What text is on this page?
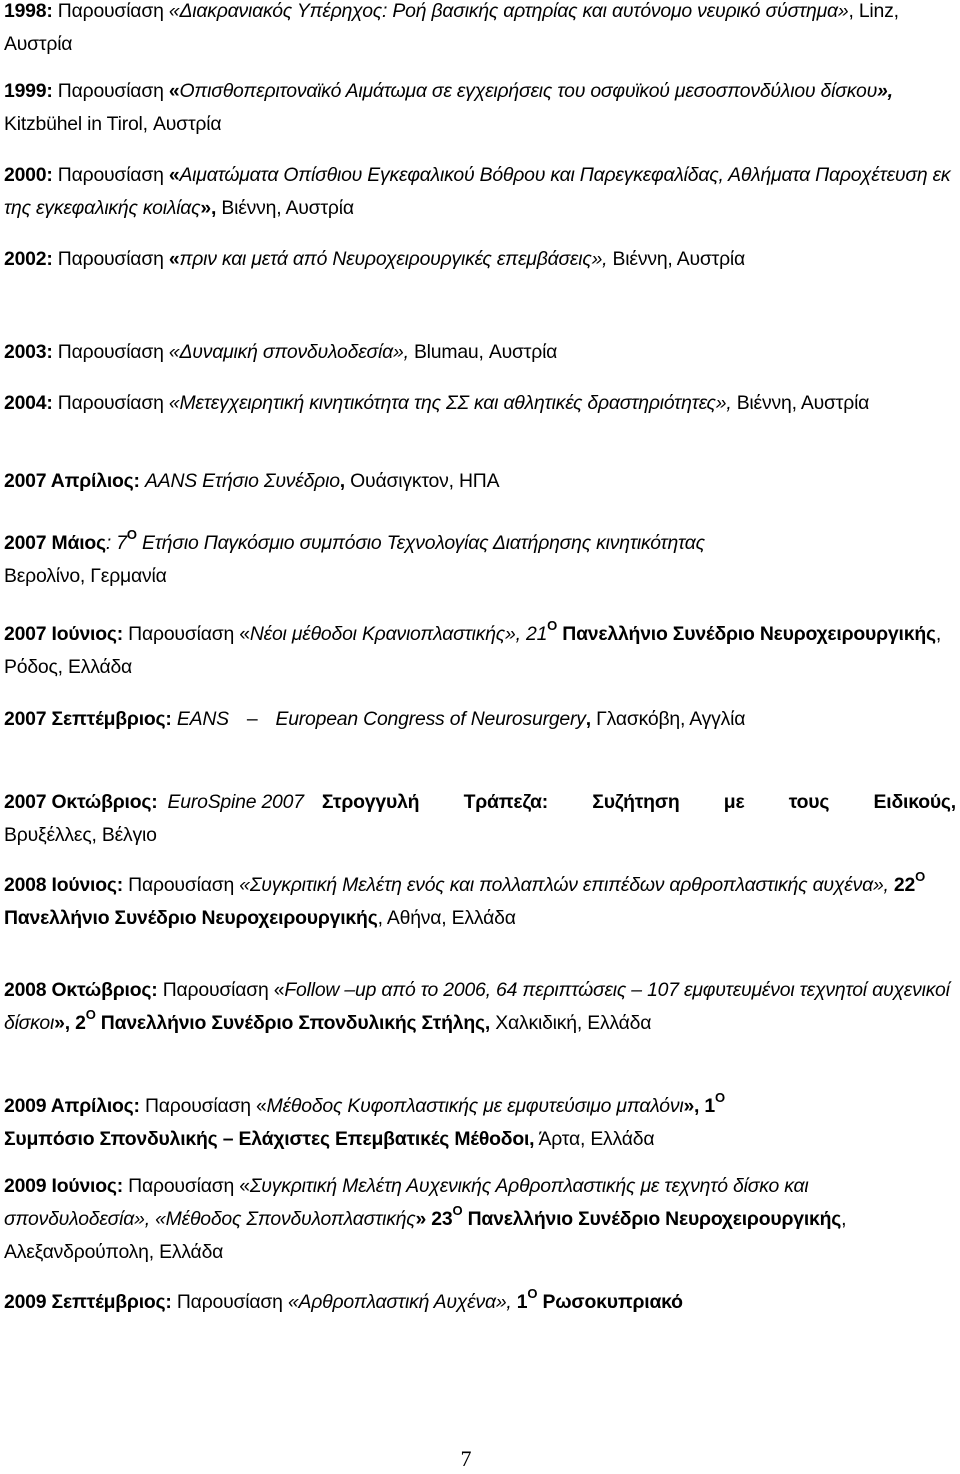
1998: Παρουσίαση «Διακρανιακός Υπέρηχος: Ροή βασικής αρτηρίας και αυτόνομο νευρικό σύστημα», Linz, Αυστρία
1999: Παρουσίαση «Οπισθοπεριτοναϊκό Αιμάτωμα σε εγχειρήσεις του οσφυϊκού μεσοσπονδύλιου δίσκου», Kitzbühel in Tirol, Αυστρία
2000: Παρουσίαση «Αιματώματα Οπίσθιου Εγκεφαλικού Βόθρου και Παρεγκεφαλίδας, Αθλήματα Παροχέτευση εκ της εγκεφαλικής κοιλίας», Βιέννη, Αυστρία
2002: Παρουσίαση «πριν και μετά από Νευροχειρουργικές επεμβάσεις», Βιέννη, Αυστρία
2003: Παρουσίαση «Δυναμική σπονδυλοδεσία», Blumau, Αυστρία
2004: Παρουσίαση «Μετεγχειρητική κινητικότητα της ΣΣ και αθλητικές δραστηριότητες», Βιέννη, Αυστρία
2007 Απρίλιος: AANS Ετήσιο Συνέδριο, Ουάσιγκτον, ΗΠΑ
2007 Μάιος: $7^O$ Ετήσιο Παγκόσμιο συμπόσιο Τεχνολογίας Διατήρησης κινητικότητας
Βερολίνο, Γερμανία
2007 Ιούνιος: Παρουσίαση «Νέοι μέθοδοι Κρανιοπλαστικής», $21^O$ Πανελλήνιο Συνέδριο Νευροχειρουργικής, Ρόδος, Ελλάδα
2007 Σεπτέμβριος: EANS – European Congress of Neurosurgery, Γλασκόβη, Αγγλία
2007 Οκτώβριος: EuroSpine 2007 Στρογγυλή Τράπεζα: Συζήτηση με τους Ειδικούς,
Βρυξέλλες, Βέλγιο
2008 Ιούνιος: Παρουσίαση «Συγκριτική Μελέτη ενός και πολλαπλών επιπέδων αρθροπλαστικής αυχένα», $22^O$ Πανελλήνιο Συνέδριο Νευροχειρουργικής, Αθήνα, Ελλάδα
2008 Οκτώβριος: Παρουσίαση «Follow –up από το 2006, 64 περιπτώσεις – 107 εμφυτευμένοι τεχνητοί αυχενικοί δίσκοι», $2^O$ Πανελλήνιο Συνέδριο Σπονδυλικής Στήλης, Χαλκιδική, Ελλάδα
2009 Απρίλιος: Παρουσίαση «Μέθοδος Κυφοπλαστικής με εμφυτεύσιμο μπαλόνι», $1^O$
Συμπόσιο Σπονδυλικής – Ελάχιστες Επεμβατικές Μέθοδοι, Άρτα, Ελλάδα
2009 Ιούνιος: Παρουσίαση «Συγκριτική Μελέτη Αυχενικής Αρθροπλαστικής με τεχνητό δίσκο και σπονδυλοδεσία», «Μέθοδος Σπονδυλοπλαστικής» $23^O$ Πανελλήνιο Συνέδριο Νευροχειρουργικής, Αλεξανδρούπολη, Ελλάδα
2009 Σεπτέμβριος: Παρουσίαση «Αρθροπλαστική Αυχένα», $1^O$ Ρωσοκυπριακό
7
